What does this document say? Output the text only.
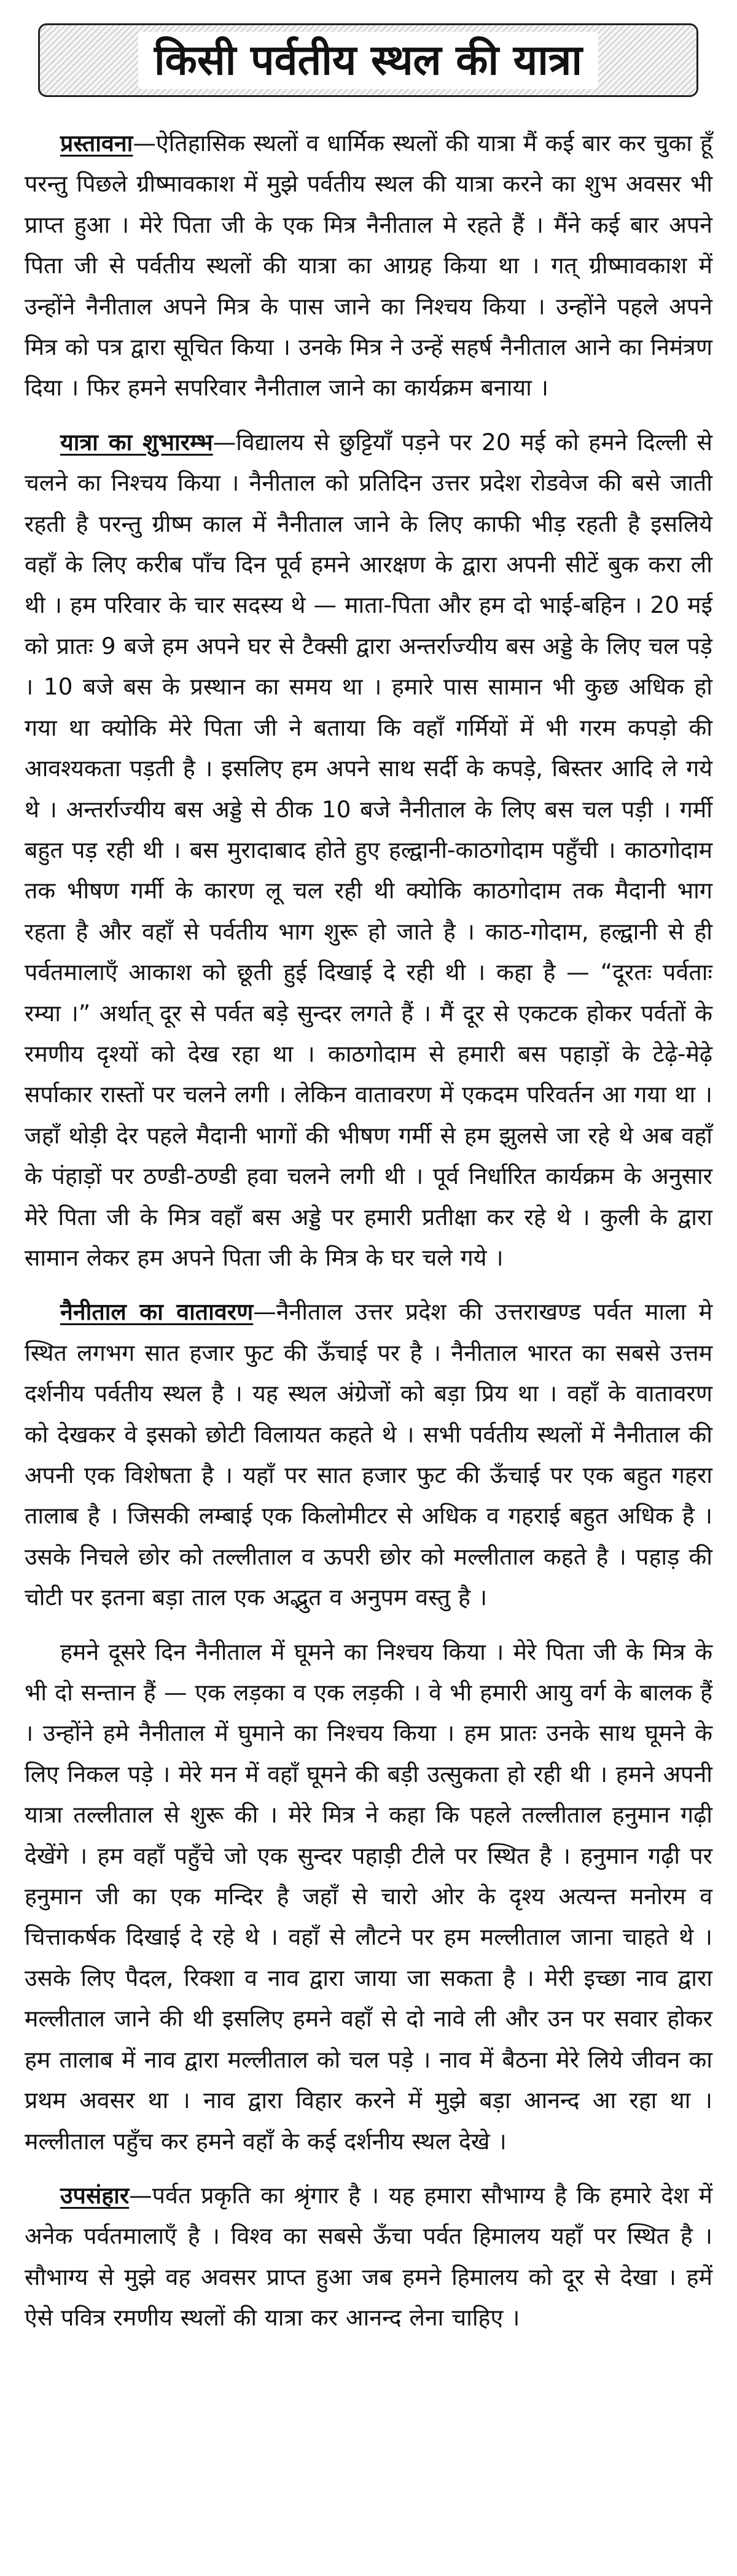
किसी पर्वतीय स्थल की यात्रा

प्रस्तावना—ऐतिहासिक स्थलों व धार्मिक स्थलों की यात्रा मैं कई बार कर चुका हूँ परन्तु पिछले ग्रीष्मावकाश में मुझे पर्वतीय स्थल की यात्रा करने का शुभ अवसर भी प्राप्त हुआ । मेरे पिता जी के एक मित्र नैनीताल मे रहते हैं । मैंने कई बार अपने पिता जी से पर्वतीय स्थलों की यात्रा का आग्रह किया था । गत् ग्रीष्मावकाश में उन्होंने नैनीताल अपने मित्र के पास जाने का निश्चय किया । उन्होंने पहले अपने मित्र को पत्र द्वारा सूचित किया । उनके मित्र ने उन्हें सहर्ष नैनीताल आने का निमंत्रण दिया । फिर हमने सपरिवार नैनीताल जाने का कार्यक्रम बनाया ।

यात्रा का शुभारम्भ—विद्यालय से छुट्टियाँ पड़ने पर 20 मई को हमने दिल्ली से चलने का निश्चय किया । नैनीताल को प्रतिदिन उत्तर प्रदेश रोडवेज की बसे जाती रहती है परन्तु ग्रीष्म काल में नैनीताल जाने के लिए काफी भीड़ रहती है इसलिये वहाँ के लिए करीब पाँच दिन पूर्व हमने आरक्षण के द्वारा अपनी सीटें बुक करा ली थी । हम परिवार के चार सदस्य थे — माता-पिता और हम दो भाई-बहिन । 20 मई को प्रातः 9 बजे हम अपने घर से टैक्सी द्वारा अन्तर्राज्यीय बस अड्डे के लिए चल पड़े । 10 बजे बस के प्रस्थान का समय था । हमारे पास सामान भी कुछ अधिक हो गया था क्योकि मेरे पिता जी ने बताया कि वहाँ गर्मियों में भी गरम कपड़ो की आवश्यकता पड़ती है । इसलिए हम अपने साथ सर्दी के कपड़े, बिस्तर आदि ले गये थे । अन्तर्राज्यीय बस अड्डे से ठीक 10 बजे नैनीताल के लिए बस चल पड़ी । गर्मी बहुत पड़ रही थी । बस मुरादाबाद होते हुए हल्द्वानी-काठगोदाम पहुँची । काठगोदाम तक भीषण गर्मी के कारण लू चल रही थी क्योकि काठगोदाम तक मैदानी भाग रहता है और वहाँ से पर्वतीय भाग शुरू हो जाते है । काठ-गोदाम, हल्द्वानी से ही पर्वतमालाएँ आकाश को छूती हुई दिखाई दे रही थी । कहा है — “दूरतः पर्वताः रम्या ।” अर्थात् दूर से पर्वत बड़े सुन्दर लगते हैं । मैं दूर से एकटक होकर पर्वतों के रमणीय दृश्यों को देख रहा था । काठगोदाम से हमारी बस पहाड़ों के टेढ़े-मेढ़े सर्पाकार रास्तों पर चलने लगी । लेकिन वातावरण में एकदम परिवर्तन आ गया था । जहाँ थोड़ी देर पहले मैदानी भागों की भीषण गर्मी से हम झुलसे जा रहे थे अब वहाँ के पंहाड़ों पर ठण्डी-ठण्डी हवा चलने लगी थी । पूर्व निर्धारित कार्यक्रम के अनुसार मेरे पिता जी के मित्र वहाँ बस अड्डे पर हमारी प्रतीक्षा कर रहे थे । कुली के द्वारा सामान लेकर हम अपने पिता जी के मित्र के घर चले गये ।

नैनीताल का वातावरण—नैनीताल उत्तर प्रदेश की उत्तराखण्ड पर्वत माला मे स्थित लगभग सात हजार फुट की ऊँचाई पर है । नैनीताल भारत का सबसे उत्तम दर्शनीय पर्वतीय स्थल है । यह स्थल अंग्रेजों को बड़ा प्रिय था । वहाँ के वातावरण को देखकर वे इसको छोटी विलायत कहते थे । सभी पर्वतीय स्थलों में नैनीताल की अपनी एक विशेषता है । यहाँ पर सात हजार फुट की ऊँचाई पर एक बहुत गहरा तालाब है । जिसकी लम्बाई एक किलोमीटर से अधिक व गहराई बहुत अधिक है । उसके निचले छोर को तल्लीताल व ऊपरी छोर को मल्लीताल कहते है । पहाड़ की चोटी पर इतना बड़ा ताल एक अद्भुत व अनुपम वस्तु है ।

हमने दूसरे दिन नैनीताल में घूमने का निश्चय किया । मेरे पिता जी के मित्र के भी दो सन्तान हैं — एक लड़का व एक लड़की । वे भी हमारी आयु वर्ग के बालक हैं । उन्होंने हमे नैनीताल में घुमाने का निश्चय किया । हम प्रातः उनके साथ घूमने के लिए निकल पड़े । मेरे मन में वहाँ घूमने की बड़ी उत्सुकता हो रही थी । हमने अपनी यात्रा तल्लीताल से शुरू की । मेरे मित्र ने कहा कि पहले तल्लीताल हनुमान गढ़ी देखेंगे । हम वहाँ पहुँचे जो एक सुन्दर पहाड़ी टीले पर स्थित है । हनुमान गढ़ी पर हनुमान जी का एक मन्दिर है जहाँ से चारो ओर के दृश्य अत्यन्त मनोरम व चित्ताकर्षक दिखाई दे रहे थे । वहाँ से लौटने पर हम मल्लीताल जाना चाहते थे । उसके लिए पैदल, रिक्शा व नाव द्वारा जाया जा सकता है । मेरी इच्छा नाव द्वारा मल्लीताल जाने की थी इसलिए हमने वहाँ से दो नावे ली और उन पर सवार होकर हम तालाब में नाव द्वारा मल्लीताल को चल पड़े । नाव में बैठना मेरे लिये जीवन का प्रथम अवसर था । नाव द्वारा विहार करने में मुझे बड़ा आनन्द आ रहा था । मल्लीताल पहुँच कर हमने वहाँ के कई दर्शनीय स्थल देखे ।

उपसंहार—पर्वत प्रकृति का श्रृंगार है । यह हमारा सौभाग्य है कि हमारे देश में अनेक पर्वतमालाएँ है । विश्व का सबसे ऊँचा पर्वत हिमालय यहाँ पर स्थित है । सौभाग्य से मुझे वह अवसर प्राप्त हुआ जब हमने हिमालय को दूर से देखा । हमें ऐसे पवित्र रमणीय स्थलों की यात्रा कर आनन्द लेना चाहिए ।
